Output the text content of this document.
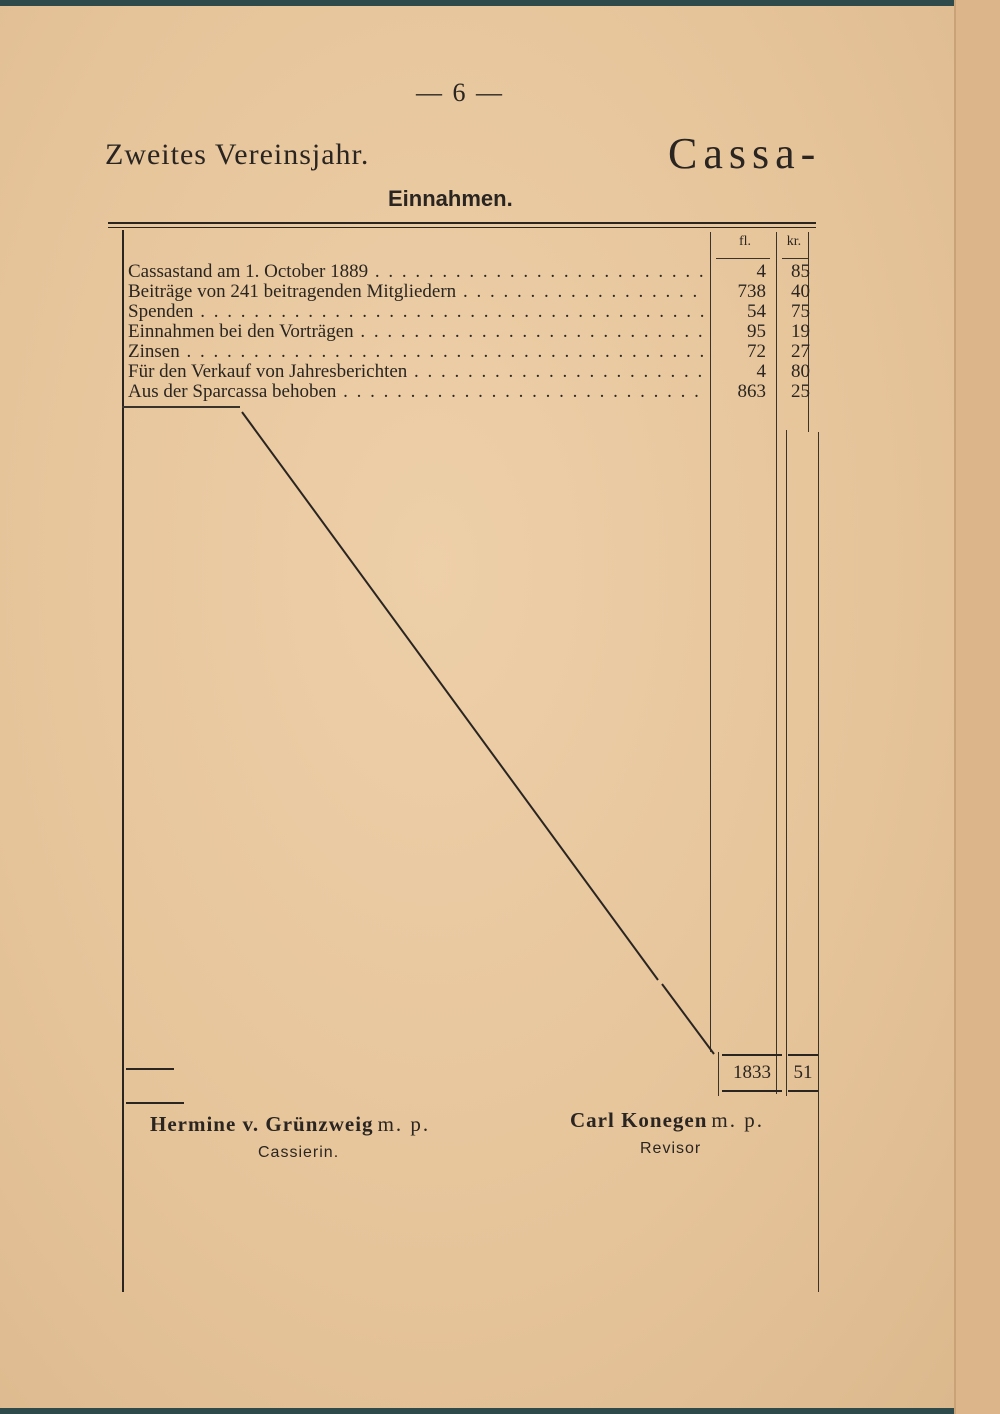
— 6 —
Zweites Vereinsjahr.	Cassa-
Einnahmen.
fl.	kr.
Cassastand am 1. October 1889 . . .	4	85
Beiträge von 241 beitragenden Mitgliedern . . .	738	40
Spenden . . .	54	75
Einnahmen bei den Vorträgen . . .	95	19
Zinsen . . .	72	27
Für den Verkauf von Jahresberichten . . .	4	80
Aus der Sparcassa behoben . . .	863	25
1833	51
Hermine v. Grünzweig m. p.
Cassierin.
Carl Konegen m. p.
Revisor
